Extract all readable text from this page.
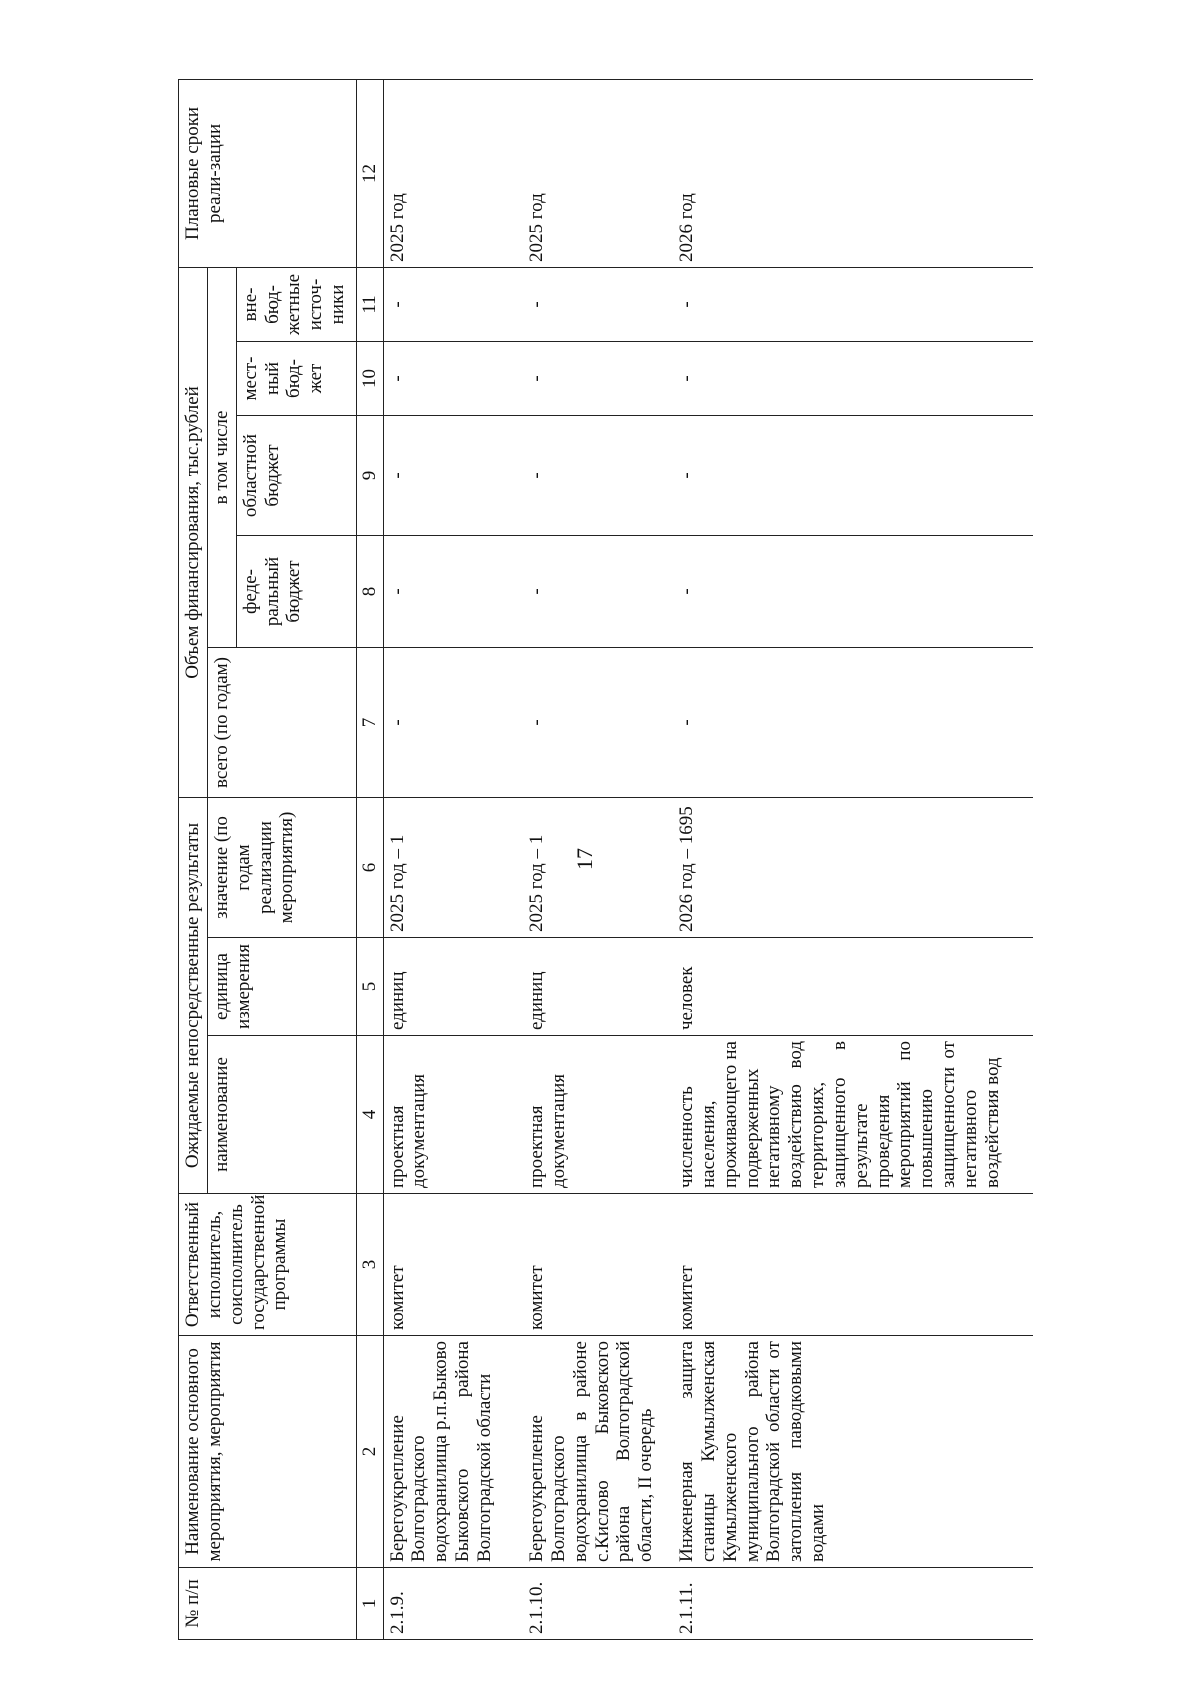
17
№ п/п	Наименование основного мероприятия, мероприятия	Ответственный исполнитель, соисполнитель государственной программы	Ожидаемые непосредственные результаты			Объем финансирования, тыс.рублей					Плановые сроки реали-зации
			наименование	единица измерения	значение (по годам реализации мероприятия)	всего (по годам)	в том числе				
							феде-ральный бюджет	областной бюджет	мест-ный бюд-жет	вне-бюд-жетные источ-ники	
1	2	3	4	5	6	7	8	9	10	11	12
2.1.9.	Берегоукрепление Волгоградского водохранилища р.п.Быково Быковского района Волгоградской области	комитет	проектная документация	единиц	2025 год – 1	-	-	-	-	-	2025 год
2.1.10.	Берегоукрепление Волгоградского водохранилища в районе с.Кислово Быковского района Волгоградской области, II очередь	комитет	проектная документация	единиц	2025 год – 1	-	-	-	-	-	2025 год
2.1.11.	Инженерная защита станицы Кумылженская Кумылженского муниципального района Волгоградской области от затопления паводковыми водами	комитет	численность населения, проживающего на подверженных негативному воздействию вод территориях, защищенного в результате проведения мероприятий по повышению защищенности от негативного воздействия вод	человек	2026 год – 1695	-	-	-	-	-	2026 год
